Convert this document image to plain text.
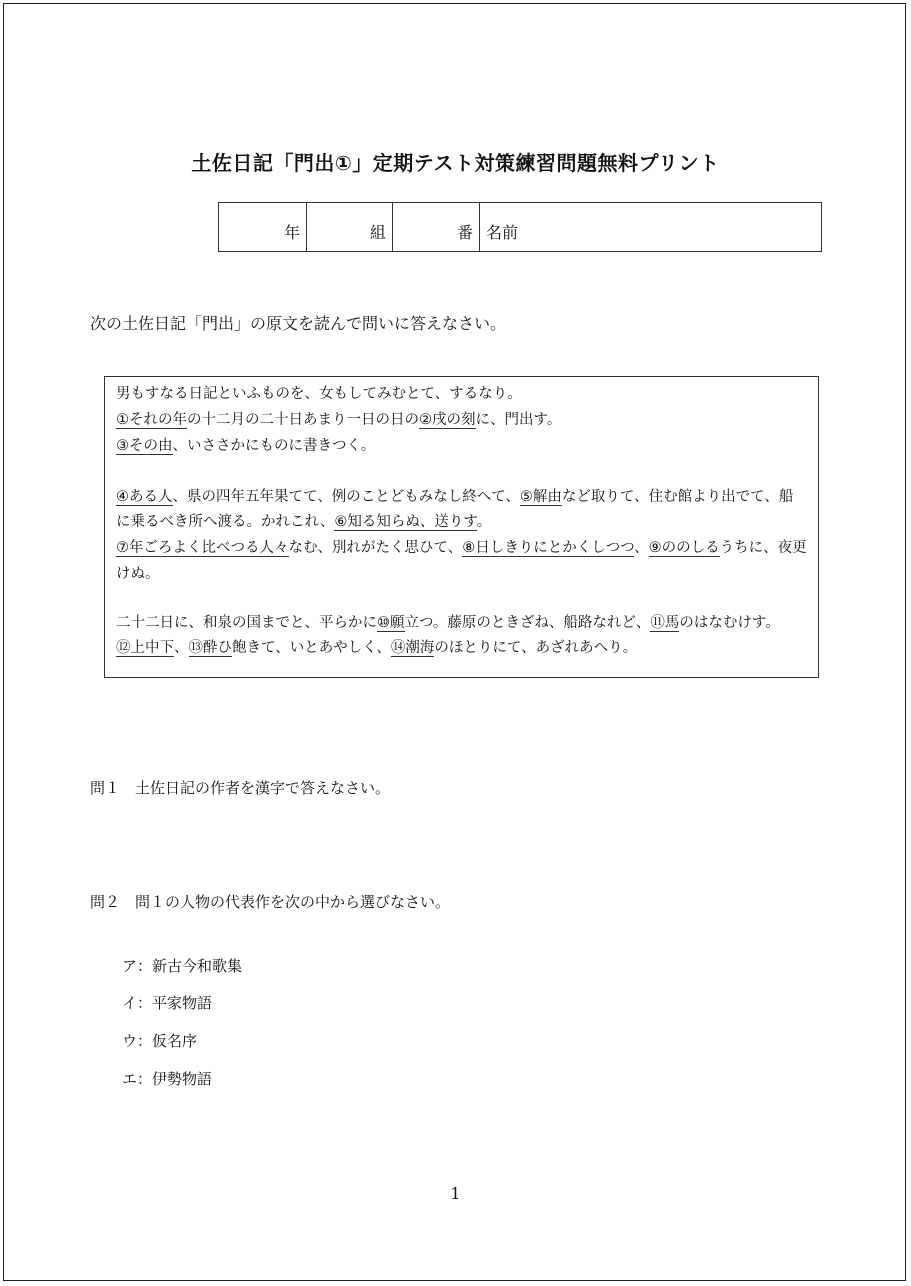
土佐日記「門出①」定期テスト対策練習問題無料プリント
年	組	番	名前
次の土佐日記「門出」の原文を読んで問いに答えなさい。
男もすなる日記といふものを、女もしてみむとて、するなり。
①それの年の十二月の二十日あまり一日の日の②戌の刻に、門出す。
③その由、いささかにものに書きつく。
④ある人、県の四年五年果てて、例のことどもみなし終へて、⑤解由など取りて、住む館より出でて、船
に乗るべき所へ渡る。かれこれ、⑥知る知らぬ、送りす。
⑦年ごろよく比べつる人々なむ、別れがたく思ひて、⑧日しきりにとかくしつつ、⑨ののしるうちに、夜更
けぬ。
二十二日に、和泉の国までと、平らかに⑩願立つ。藤原のときざね、船路なれど、⑪馬のはなむけす。
⑫上中下、⑬酔ひ飽きて、いとあやしく、⑭潮海のほとりにて、あざれあへり。
問１　土佐日記の作者を漢字で答えなさい。
問２　問１の人物の代表作を次の中から選びなさい。
ア：新古今和歌集
イ：平家物語
ウ：仮名序
エ：伊勢物語
1
